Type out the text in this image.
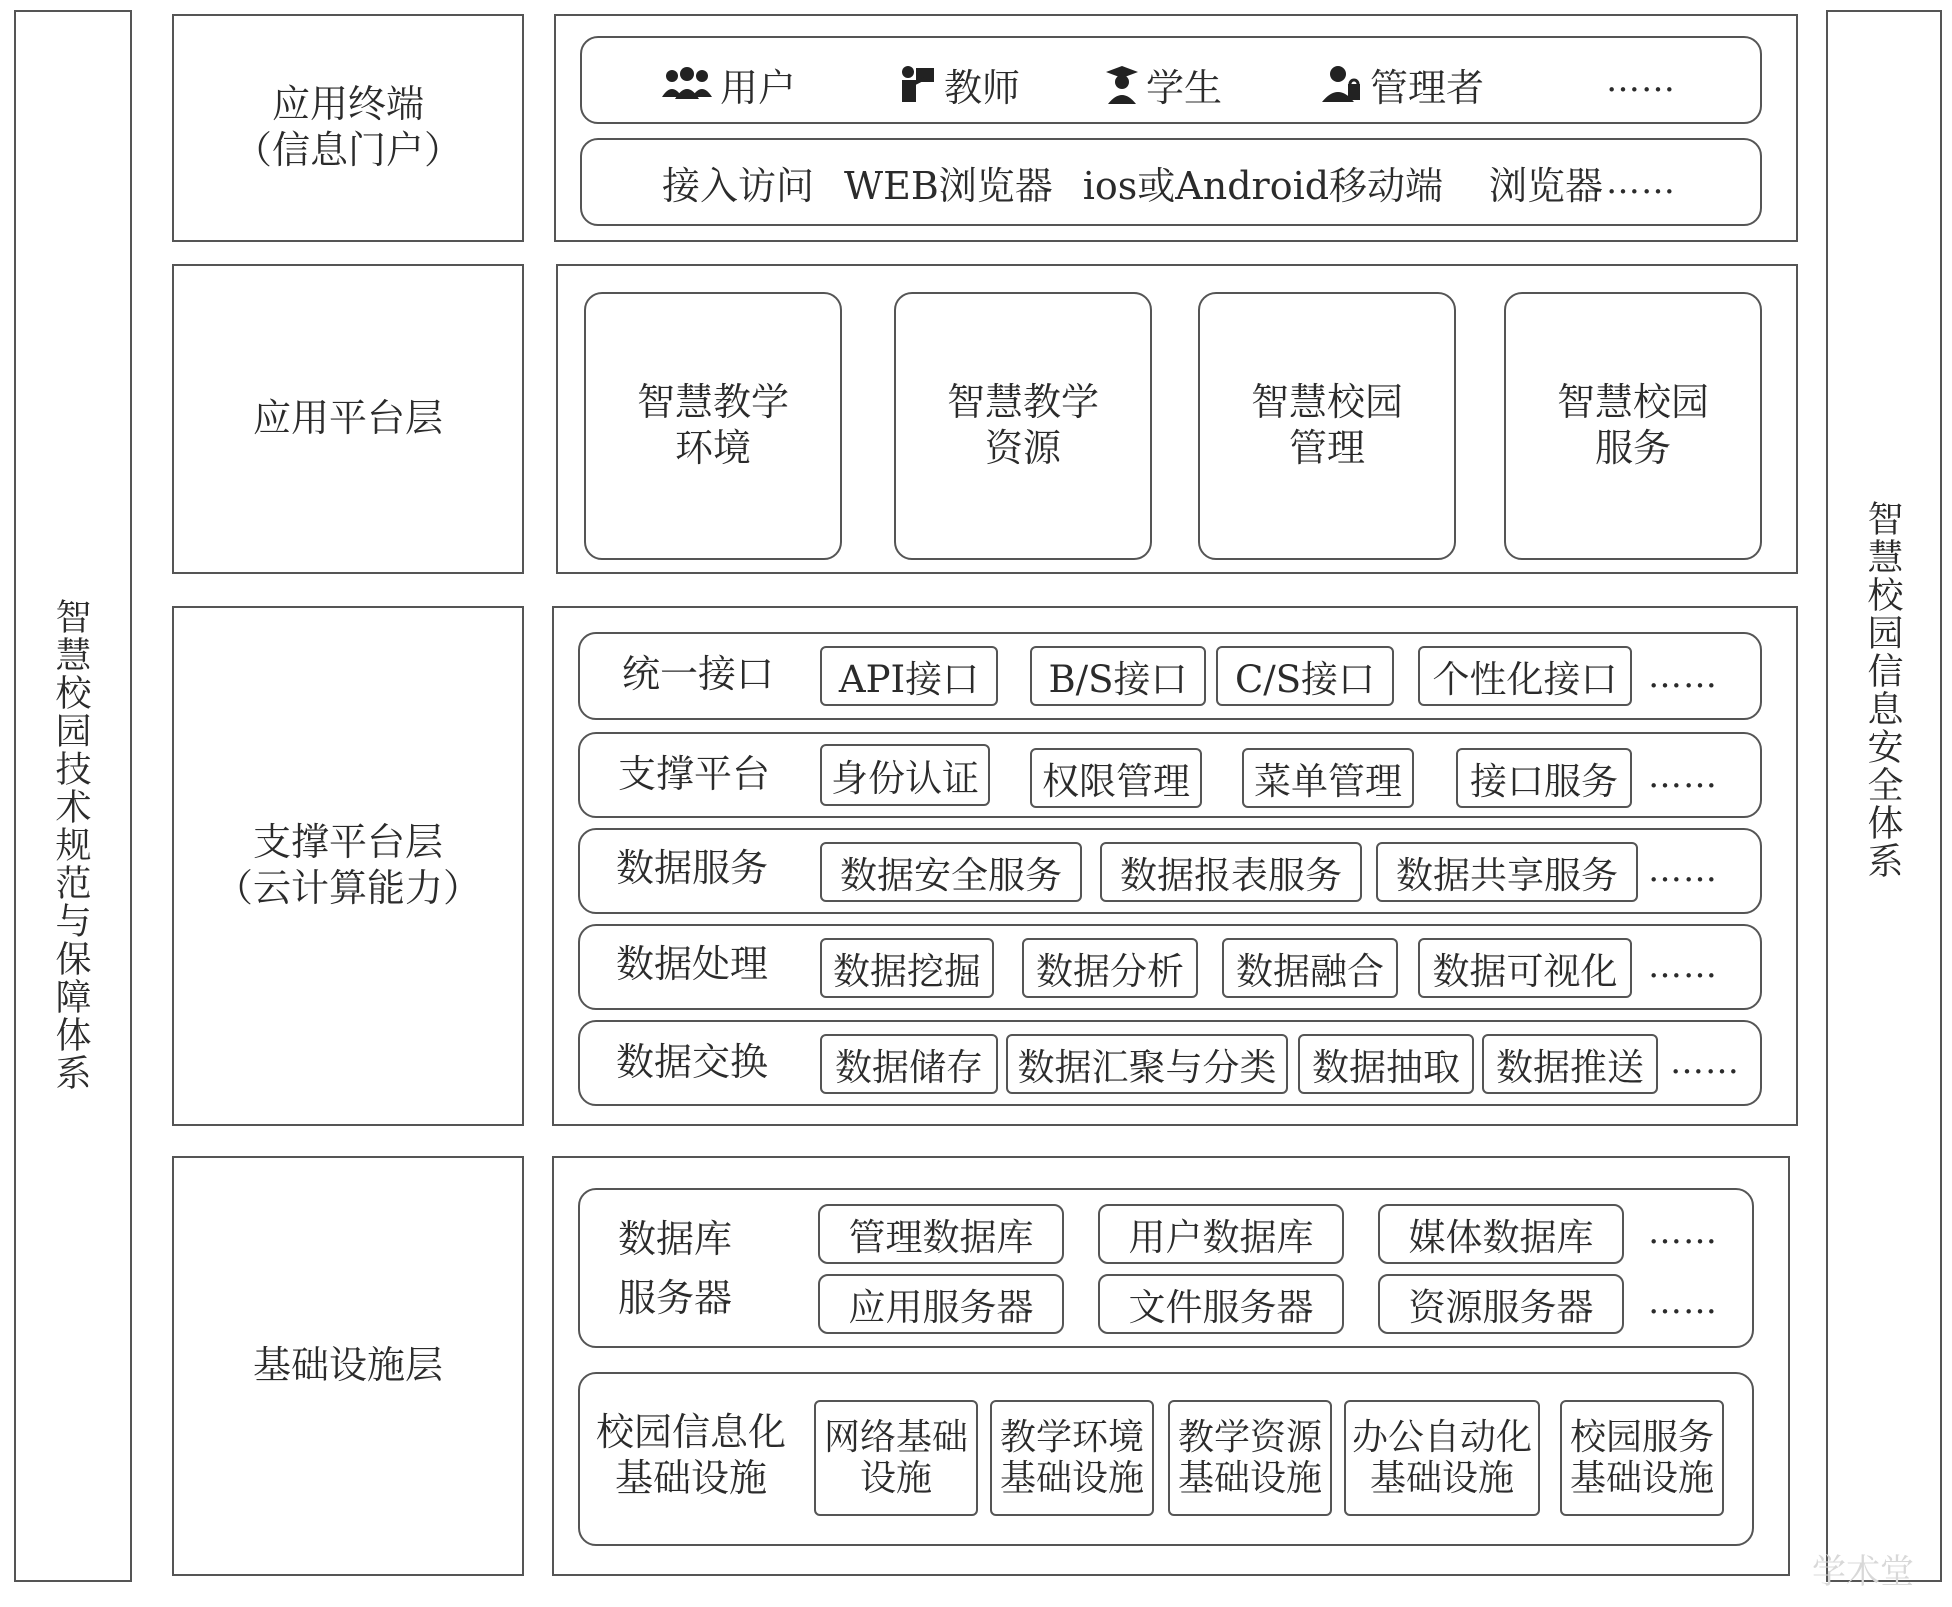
智慧校园技术规范与保障体系	智慧校园信息安全体系
应用终端
（信息门户）
用户	教师	学生	管理者	……
接入访问 WEB浏览器 ios或Android移动端 浏览器 ……
应用平台层	智慧教学
环境
智慧教学
资源
智慧校园
管理
智慧校园
服务
支撑平台层
（云计算能力）
统一接口	API接口	B/S接口	C/S接口	个性化接口 ……
支撑平台 身份认证	权限管理	菜单管理	接口服务 ……
数据服务	数据安全服务	数据报表服务	数据共享服务 ……
数据处理	数据挖掘	数据分析	数据融合	数据可视化 ……
数据交换	数据储存 数据汇聚与分类 数据抽取 数据推送 ……
基础设施层
数据库
服务器
管理数据库	用户数据库	媒体数据库	……
应用服务器	文件服务器	资源服务器	……
校园信息化
基础设施
网络基础
设施
教学环境
基础设施
教学资源
基础设施
办公自动化
基础设施
校园服务
基础设施
学术堂
